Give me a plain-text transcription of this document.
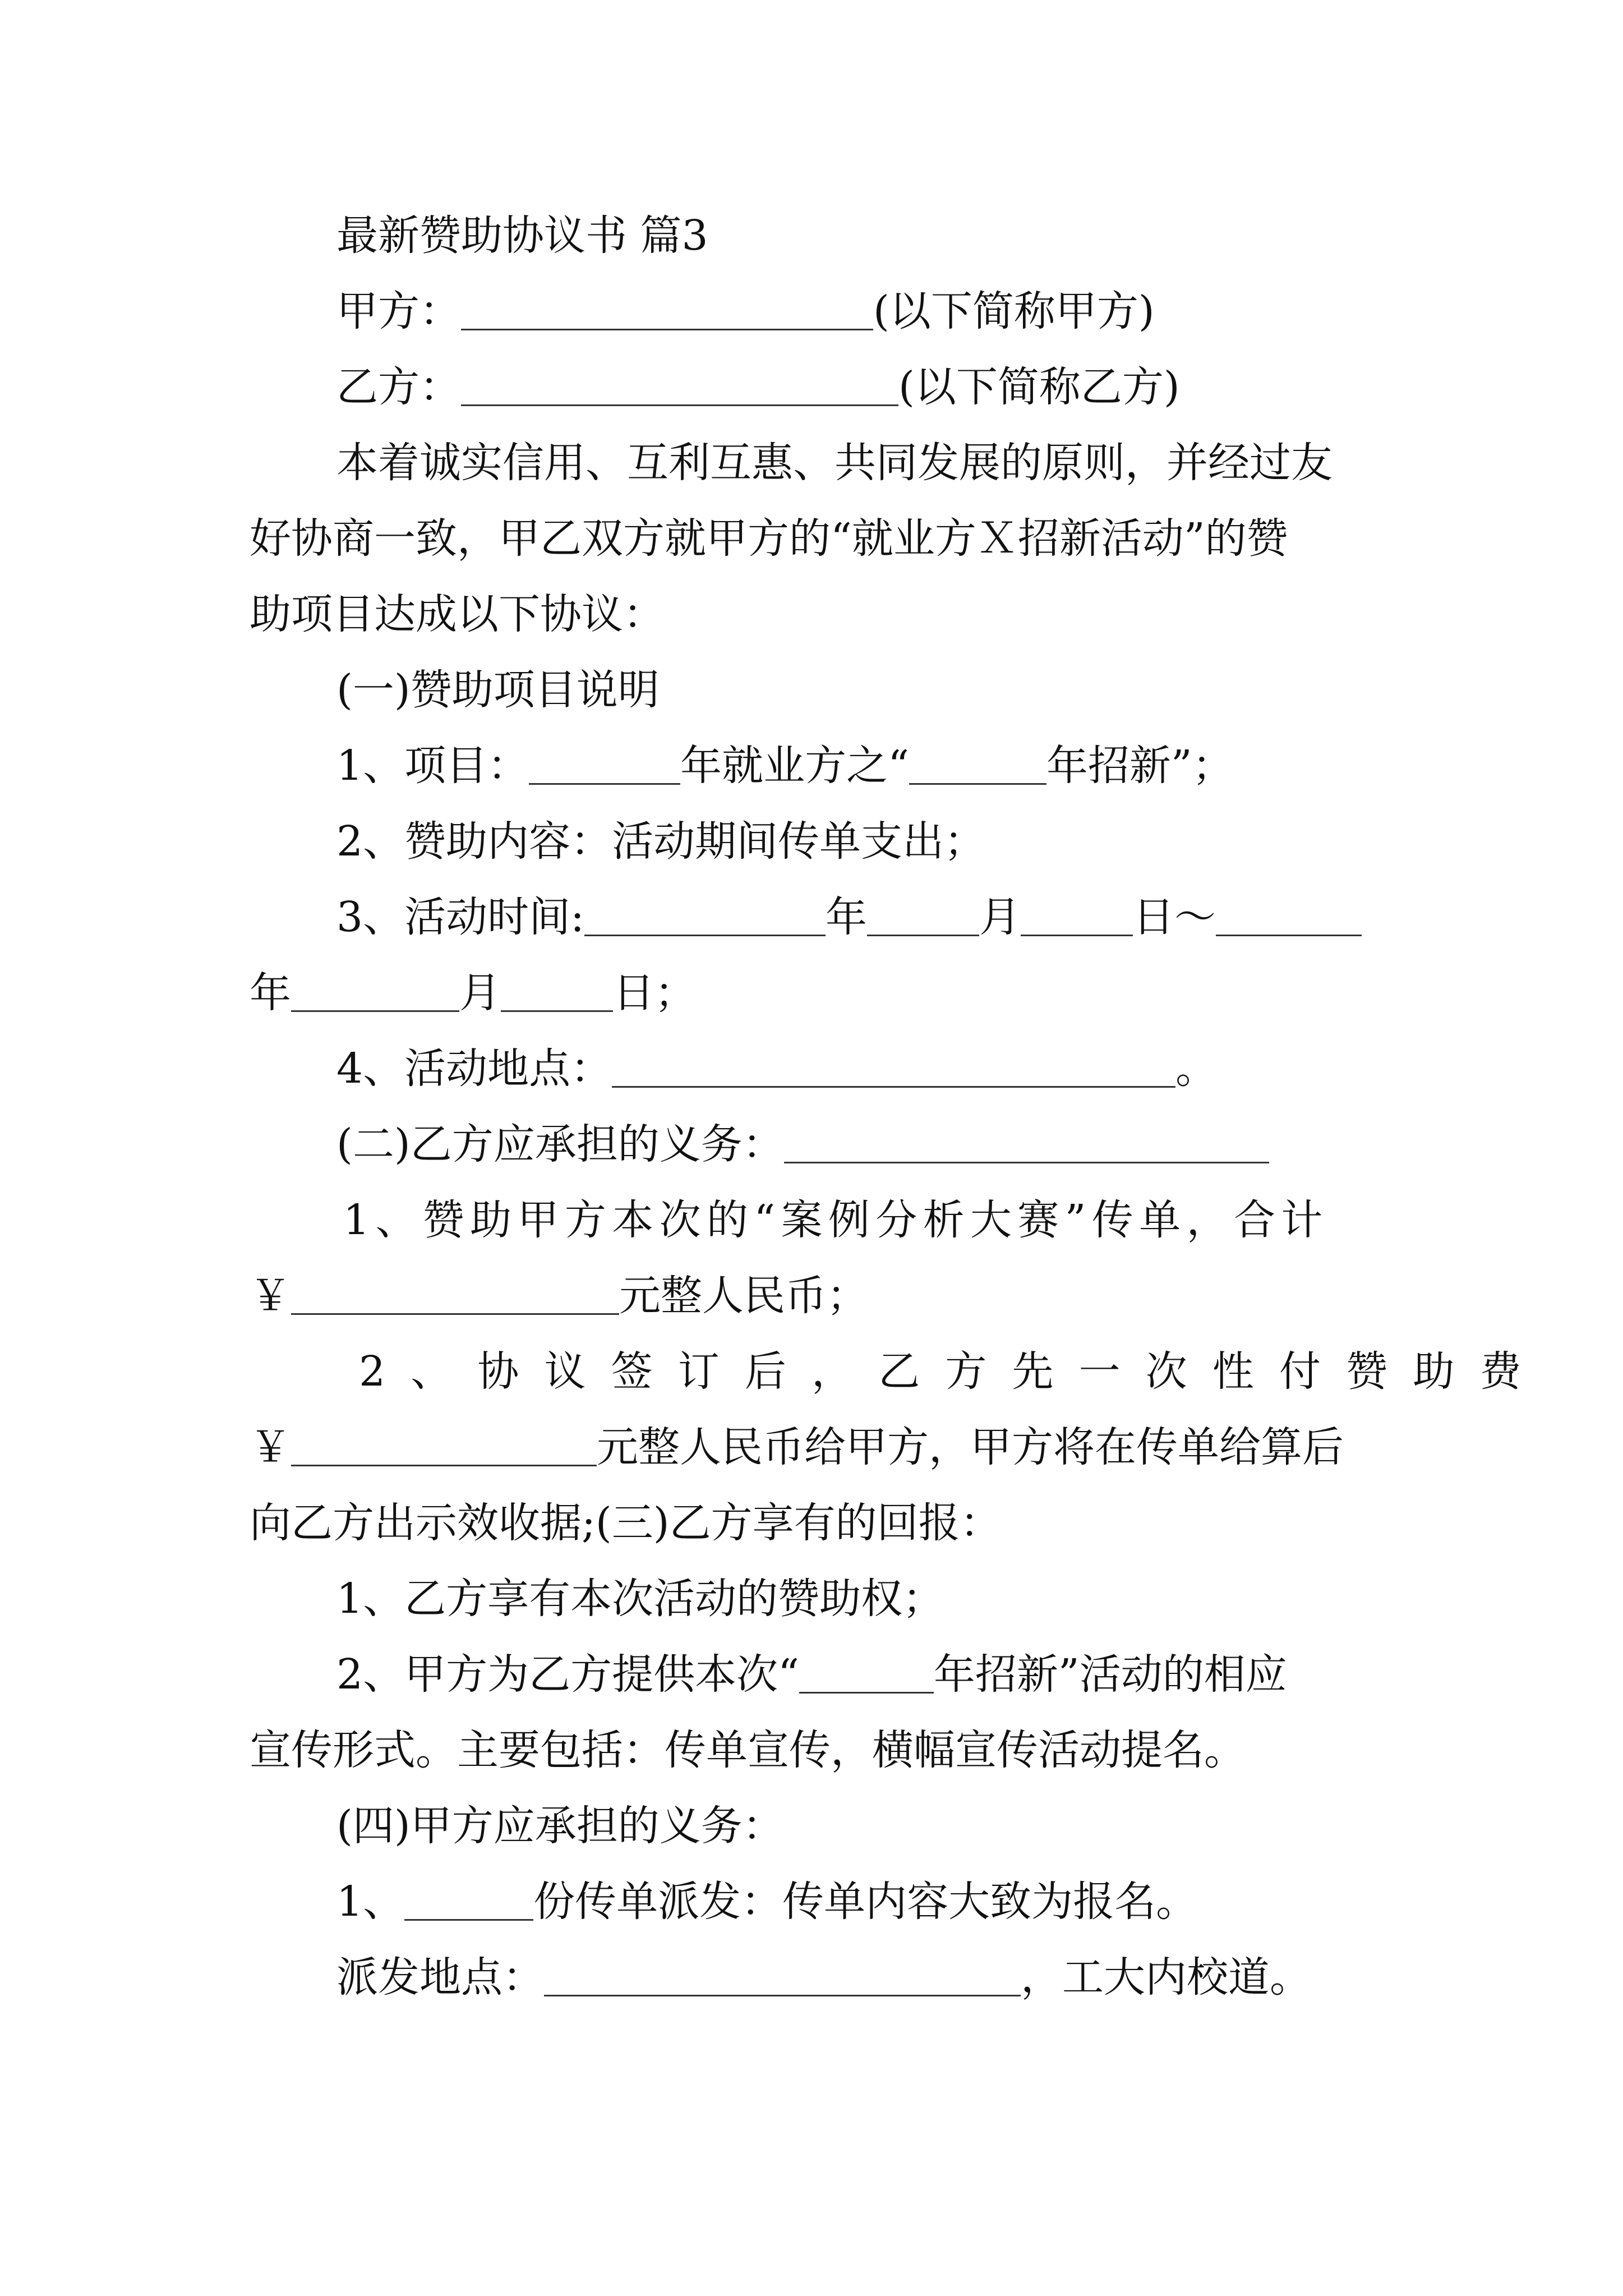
最新赞助协议书 篇3
甲方：	(以下简称甲方)
乙方：	(以下简称乙方)
本着诚实信用、互利互惠、共同发展的原则，并经过友
好协商一致，甲乙双方就甲方的“就业方Ｘ招新活动”的赞
助项目达成以下协议：
(一)赞助项目说明
1、项目：	年就业方之“	年招新”；
2、赞助内容：活动期间传单支出；
3、活动时间:	年	月	日～
年	月	日；
4、活动地点：	。
(二)乙方应承担的义务：
1、赞助甲方本次的“案例分析大赛”传单，合计
￥	元整人民币；
2、协议签订后，乙方先一次性付赞助费
￥	元整人民币给甲方，甲方将在传单给算后
向乙方出示效收据;(三)乙方享有的回报：
1、乙方享有本次活动的赞助权；
2、甲方为乙方提供本次“	年招新”活动的相应
宣传形式。主要包括：传单宣传，横幅宣传活动提名。
(四)甲方应承担的义务：
1、	份传单派发：传单内容大致为报名。
派发地点：	，工大内校道。
